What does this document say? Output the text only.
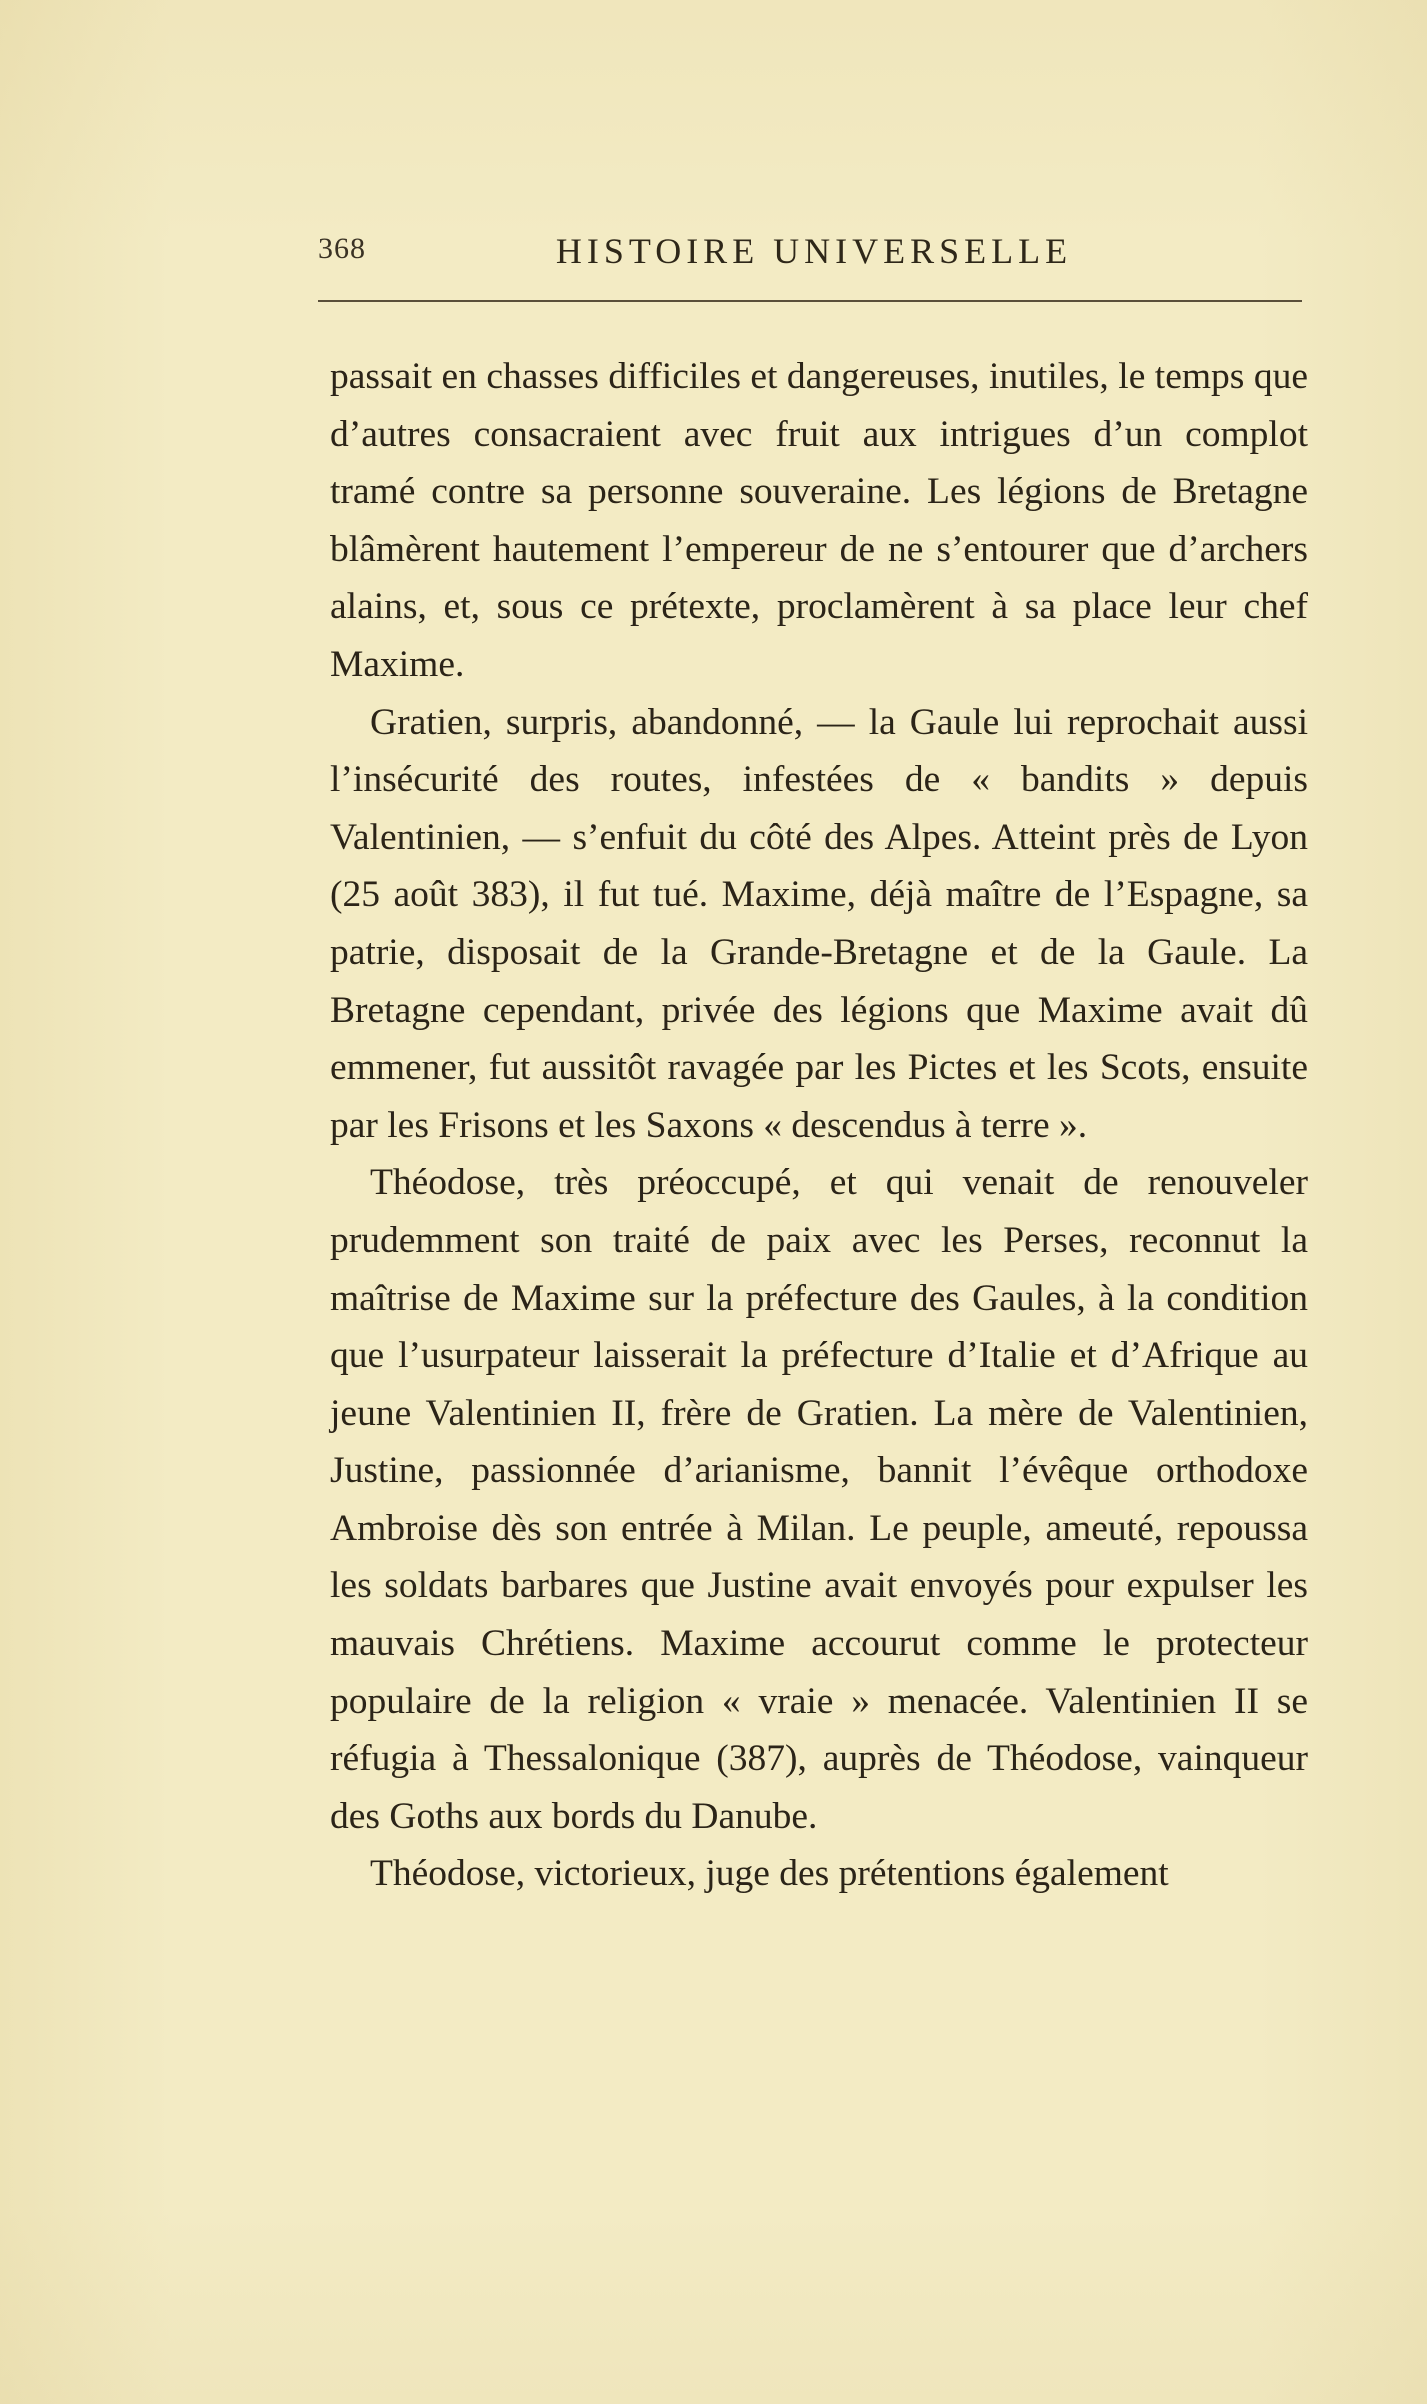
368	HISTOIRE UNIVERSELLE

passait en chasses difficiles et dangereuses, inutiles, le temps que d’autres consacraient avec fruit aux intrigues d’un complot tramé contre sa personne souveraine. Les légions de Bretagne blâmèrent hautement l’empereur de ne s’entourer que d’archers alains, et, sous ce prétexte, proclamèrent à sa place leur chef Maxime.

Gratien, surpris, abandonné, — la Gaule lui reprochait aussi l’insécurité des routes, infestées de « bandits » depuis Valentinien, — s’enfuit du côté des Alpes. Atteint près de Lyon (25 août 383), il fut tué. Maxime, déjà maître de l’Espagne, sa patrie, disposait de la Grande-Bretagne et de la Gaule. La Bretagne cependant, privée des légions que Maxime avait dû emmener, fut aussitôt ravagée par les Pictes et les Scots, ensuite par les Frisons et les Saxons « descendus à terre ».

Théodose, très préoccupé, et qui venait de renouveler prudemment son traité de paix avec les Perses, reconnut la maîtrise de Maxime sur la préfecture des Gaules, à la condition que l’usurpateur laisserait la préfecture d’Italie et d’Afrique au jeune Valentinien II, frère de Gratien. La mère de Valentinien, Justine, passionnée d’arianisme, bannit l’évêque orthodoxe Ambroise dès son entrée à Milan. Le peuple, ameuté, repoussa les soldats barbares que Justine avait envoyés pour expulser les mauvais Chrétiens. Maxime accourut comme le protecteur populaire de la religion « vraie » menacée. Valentinien II se réfugia à Thessalonique (387), auprès de Théodose, vainqueur des Goths aux bords du Danube.

Théodose, victorieux, juge des prétentions également
